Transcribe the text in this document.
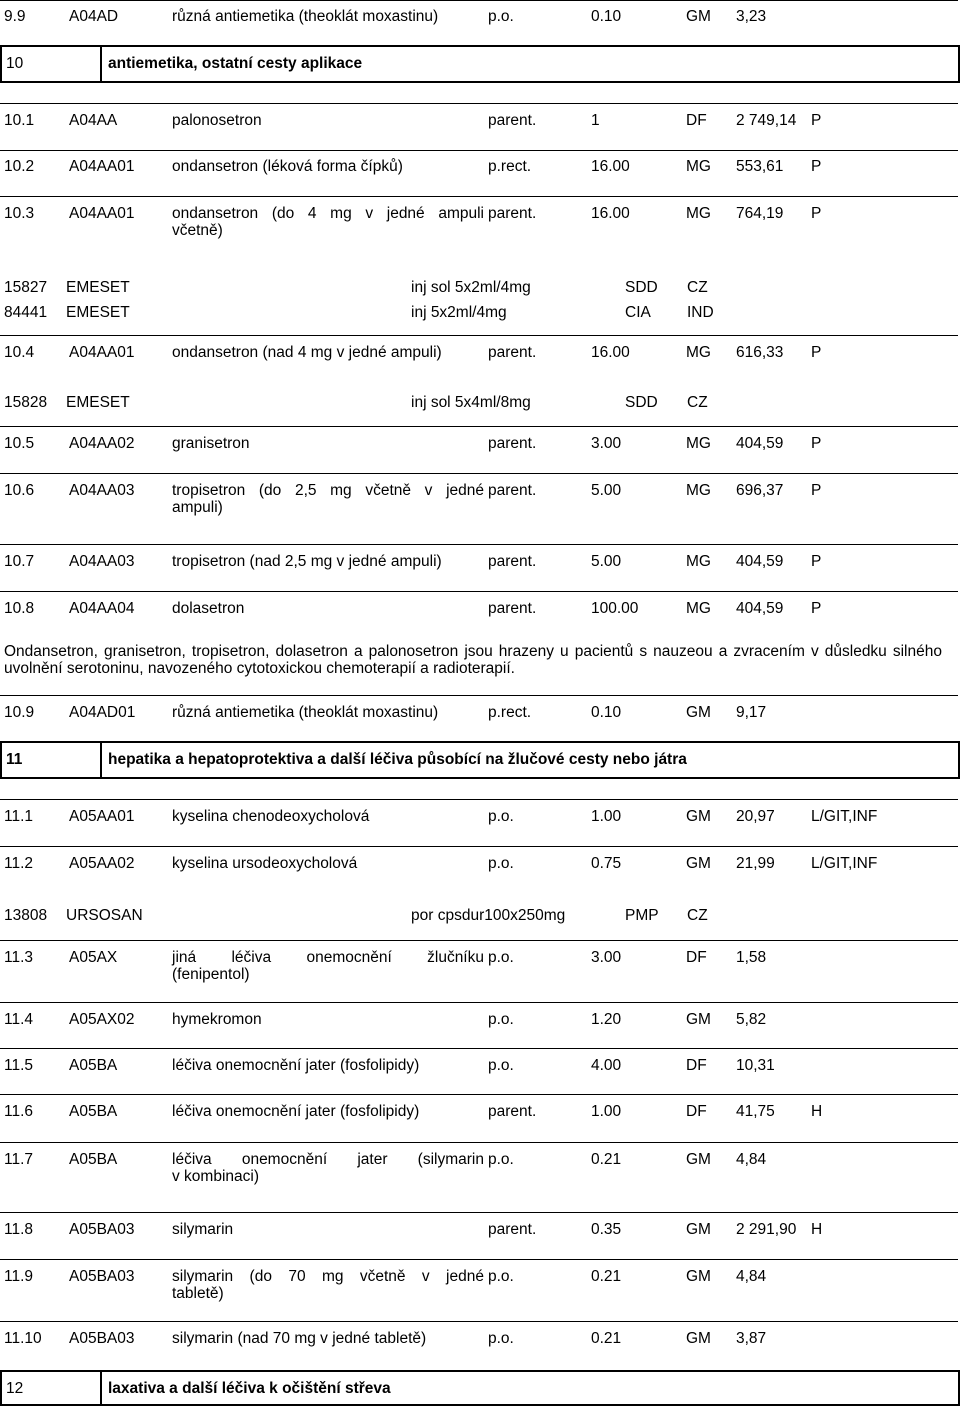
9.9	A04AD	různá antiemetika (theoklát moxastinu)	p.o.	0.10	GM 3,23
10	antiemetika, ostatní cesty aplikace
10.1 A04AA	palonosetron	parent.	1	DF 2 749,14 P
10.2 A04AA01 ondansetron (léková forma čípků)	p.rect.	16.00	MG 553,61 P
10.3 A04AA01 ondansetron (do 4 mg v jedné ampuli
včetně)
parent.	16.00	MG 764,19 P
15827 EMESET	inj sol 5x2ml/4mg	SDD CZ
84441 EMESET	inj 5x2ml/4mg	CIA IND
10.4 A04AA01 ondansetron (nad 4 mg v jedné ampuli)	parent.	16.00	MG 616,33 P
15828 EMESET	inj sol 5x4ml/8mg	SDD CZ
10.5 A04AA02 granisetron	parent.	3.00	MG 404,59 P
10.6 A04AA03 tropisetron (do 2,5 mg včetně v jedné
ampuli)
parent.	5.00	MG 696,37 P
10.7 A04AA03 tropisetron (nad 2,5 mg v jedné ampuli)	parent.	5.00	MG 404,59 P
10.8 A04AA04 dolasetron	parent.	100.00	MG 404,59 P
Ondansetron, granisetron, tropisetron, dolasetron a palonosetron jsou hrazeny u pacientů s nauzeou a zvracením v důsledku silného uvolnění serotoninu, navozeného cytotoxickou chemoterapií a radioterapií.
10.9 A04AD01 různá antiemetika (theoklát moxastinu)	p.rect.	0.10	GM 9,17
11	hepatika a hepatoprotektiva a další léčiva působící na žlučové cesty nebo játra
11.1 A05AA01 kyselina chenodeoxycholová	p.o.	1.00	GM 20,97 L/GIT,INF
11.2 A05AA02 kyselina ursodeoxycholová	p.o.	0.75	GM 21,99 L/GIT,INF
13808 URSOSAN	por cpsdur100x250mg	PMP CZ
11.3 A05AX	jiná léčiva onemocnění žlučníku
(fenipentol)
p.o.	3.00	DF 1,58
11.4 A05AX02 hymekromon	p.o.	1.20	GM 5,82
11.5 A05BA	léčiva onemocnění jater (fosfolipidy)	p.o.	4.00	DF 10,31
11.6 A05BA	léčiva onemocnění jater (fosfolipidy)	parent.	1.00	DF 41,75 H
11.7 A05BA	léčiva onemocnění jater (silymarin
v kombinaci)
p.o.	0.21	GM 4,84
11.8 A05BA03 silymarin	parent.	0.35	GM 2 291,90 H
11.9 A05BA03 silymarin (do 70 mg včetně v jedné
tabletě)
p.o.	0.21	GM 4,84
11.10 A05BA03 silymarin (nad 70 mg v jedné tabletě)	p.o.	0.21	GM 3,87
12	laxativa a další léčiva k očištění střeva
